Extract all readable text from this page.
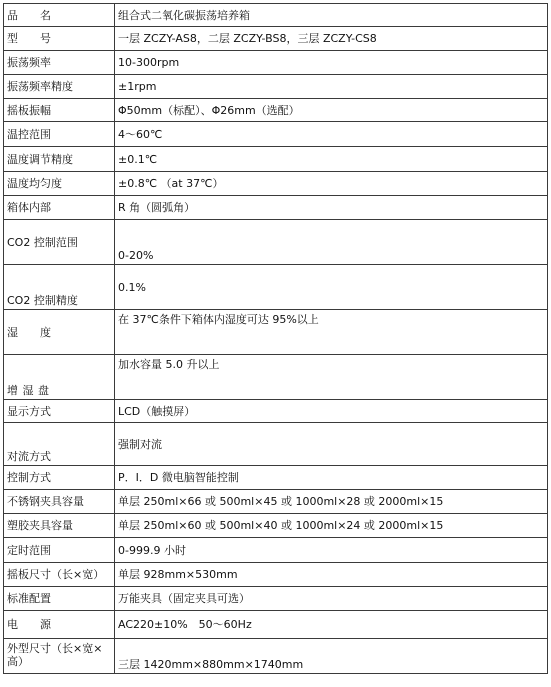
品　　名	组合式二氧化碳振荡培养箱
型　　号	一层 ZCZY-AS8，二层 ZCZY-BS8，三层 ZCZY-CS8
振荡频率	10-300rpm
振荡频率精度	±1rpm
摇板振幅	Φ50mm（标配）、Φ26mm（选配）
温控范围	4～60℃
温度调节精度	±0.1℃
温度均匀度	±0.8℃ （at 37℃）
箱体内部	R 角（圆弧角）
CO2 控制范围	0-20%
CO2 控制精度	0.1%
湿　　度	在 37℃条件下箱体内湿度可达 95%以上
增 湿 盘	加水容量 5.0 升以上
显示方式	LCD（触摸屏）
对流方式	强制对流
控制方式	P．I．D 微电脑智能控制
不锈钢夹具容量	单层 250ml×66 或 500ml×45 或 1000ml×28 或 2000ml×15
塑胶夹具容量	单层 250ml×60 或 500ml×40 或 1000ml×24 或 2000ml×15
定时范围	0-999.9 小时
摇板尺寸（长×宽）	单层 928mm×530mm
标准配置	万能夹具（固定夹具可选）
电　　源	AC220±10%　50～60Hz
外型尺寸（长×宽×高）	三层 1420mm×880mm×1740mm
